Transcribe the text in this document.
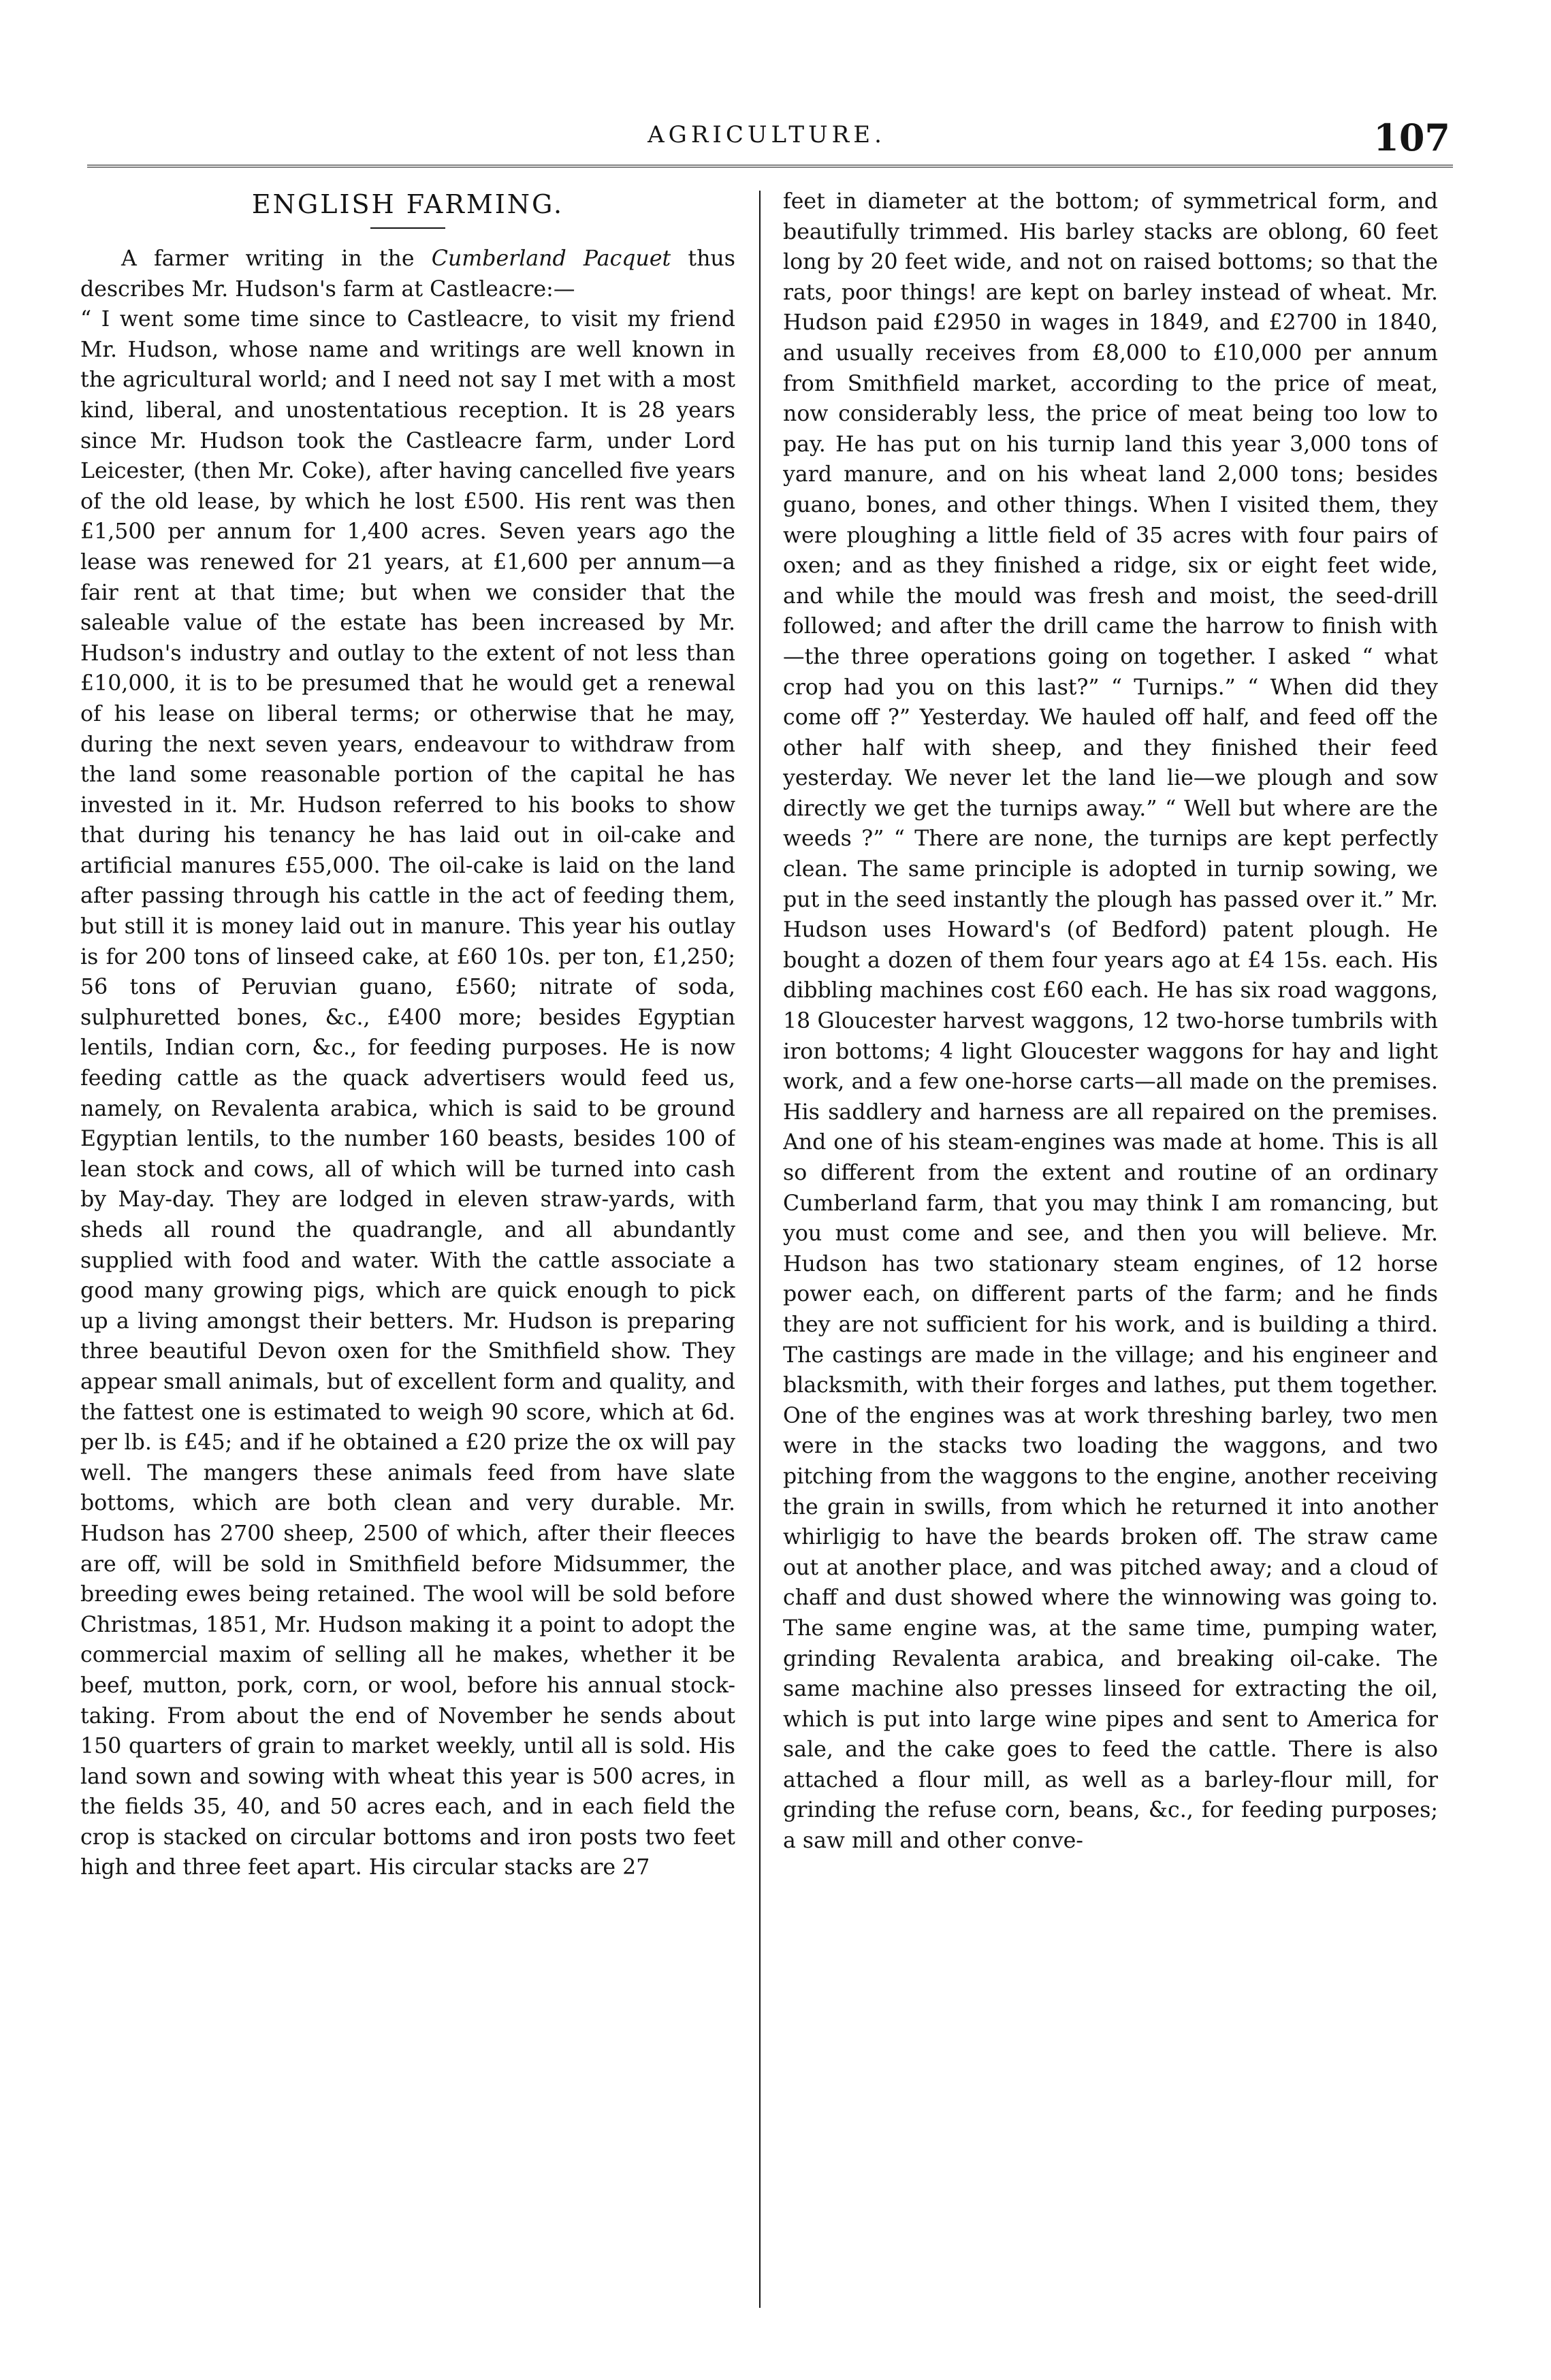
AGRICULTURE.	107
ENGLISH FARMING.

A farmer writing in the Cumberland Pacquet thus describes Mr. Hudson's farm at Castleacre:—

“ I went some time since to Castleacre, to visit my friend Mr. Hudson, whose name and writings are well known in the agricultural world; and I need not say I met with a most kind, liberal, and unostentatious reception. It is 28 years since Mr. Hudson took the Castleacre farm, under Lord Leicester, (then Mr. Coke), after having cancelled five years of the old lease, by which he lost £500. His rent was then £1,500 per annum for 1,400 acres. Seven years ago the lease was renewed for 21 years, at £1,600 per annum—a fair rent at that time; but when we consider that the saleable value of the estate has been increased by Mr. Hudson's industry and outlay to the extent of not less than £10,000, it is to be presumed that he would get a renewal of his lease on liberal terms; or otherwise that he may, during the next seven years, endeavour to withdraw from the land some reasonable portion of the capital he has invested in it. Mr. Hudson referred to his books to show that during his tenancy he has laid out in oil-cake and artificial manures £55,000. The oil-cake is laid on the land after passing through his cattle in the act of feeding them, but still it is money laid out in manure. This year his outlay is for 200 tons of linseed cake, at £60 10s. per ton, £1,250; 56 tons of Peruvian guano, £560; nitrate of soda, sulphuretted bones, &c., £400 more; besides Egyptian lentils, Indian corn, &c., for feeding purposes. He is now feeding cattle as the quack advertisers would feed us, namely, on Revalenta arabica, which is said to be ground Egyptian lentils, to the number 160 beasts, besides 100 of lean stock and cows, all of which will be turned into cash by May-day. They are lodged in eleven straw-yards, with sheds all round the quadrangle, and all abundantly supplied with food and water. With the cattle associate a good many growing pigs, which are quick enough to pick up a living amongst their betters. Mr. Hudson is preparing three beautiful Devon oxen for the Smithfield show. They appear small animals, but of excellent form and quality, and the fattest one is estimated to weigh 90 score, which at 6d. per lb. is £45; and if he obtained a £20 prize the ox will pay well. The mangers these animals feed from have slate bottoms, which are both clean and very durable. Mr. Hudson has 2700 sheep, 2500 of which, after their fleeces are off, will be sold in Smithfield before Midsummer, the breeding ewes being retained. The wool will be sold before Christmas, 1851, Mr. Hudson making it a point to adopt the commercial maxim of selling all he makes, whether it be beef, mutton, pork, corn, or wool, before his annual stock-taking. From about the end of November he sends about 150 quarters of grain to market weekly, until all is sold. His land sown and sowing with wheat this year is 500 acres, in the fields 35, 40, and 50 acres each, and in each field the crop is stacked on circular bottoms and iron posts two feet high and three feet apart. His circular stacks are 27

feet in diameter at the bottom; of symmetrical form, and beautifully trimmed. His barley stacks are oblong, 60 feet long by 20 feet wide, and not on raised bottoms; so that the rats, poor things! are kept on barley instead of wheat. Mr. Hudson paid £2950 in wages in 1849, and £2700 in 1840, and usually receives from £8,000 to £10,000 per annum from Smithfield market, according to the price of meat, now considerably less, the price of meat being too low to pay. He has put on his turnip land this year 3,000 tons of yard manure, and on his wheat land 2,000 tons; besides guano, bones, and other things. When I visited them, they were ploughing a little field of 35 acres with four pairs of oxen; and as they finished a ridge, six or eight feet wide, and while the mould was fresh and moist, the seed-drill followed; and after the drill came the harrow to finish with—the three operations going on together. I asked “ what crop had you on this last?” “ Turnips.” “ When did they come off ?” Yesterday. We hauled off half, and feed off the other half with sheep, and they finished their feed yesterday. We never let the land lie—we plough and sow directly we get the turnips away.” “ Well but where are the weeds ?” “ There are none, the turnips are kept perfectly clean. The same principle is adopted in turnip sowing, we put in the seed instantly the plough has passed over it.” Mr. Hudson uses Howard's (of Bedford) patent plough. He bought a dozen of them four years ago at £4 15s. each. His dibbling machines cost £60 each. He has six road waggons, 18 Gloucester harvest waggons, 12 two-horse tumbrils with iron bottoms; 4 light Gloucester waggons for hay and light work, and a few one-horse carts—all made on the premises. His saddlery and harness are all repaired on the premises. And one of his steam-engines was made at home. This is all so different from the extent and routine of an ordinary Cumberland farm, that you may think I am romancing, but you must come and see, and then you will believe. Mr. Hudson has two stationary steam engines, of 12 horse power each, on different parts of the farm; and he finds they are not sufficient for his work, and is building a third. The castings are made in the village; and his engineer and blacksmith, with their forges and lathes, put them together. One of the engines was at work threshing barley, two men were in the stacks two loading the waggons, and two pitching from the waggons to the engine, another receiving the grain in swills, from which he returned it into another whirligig to have the beards broken off. The straw came out at another place, and was pitched away; and a cloud of chaff and dust showed where the winnowing was going to. The same engine was, at the same time, pumping water, grinding Revalenta arabica, and breaking oil-cake. The same machine also presses linseed for extracting the oil, which is put into large wine pipes and sent to America for sale, and the cake goes to feed the cattle. There is also attached a flour mill, as well as a barley-flour mill, for grinding the refuse corn, beans, &c., for feeding purposes; a saw mill and other conve-
